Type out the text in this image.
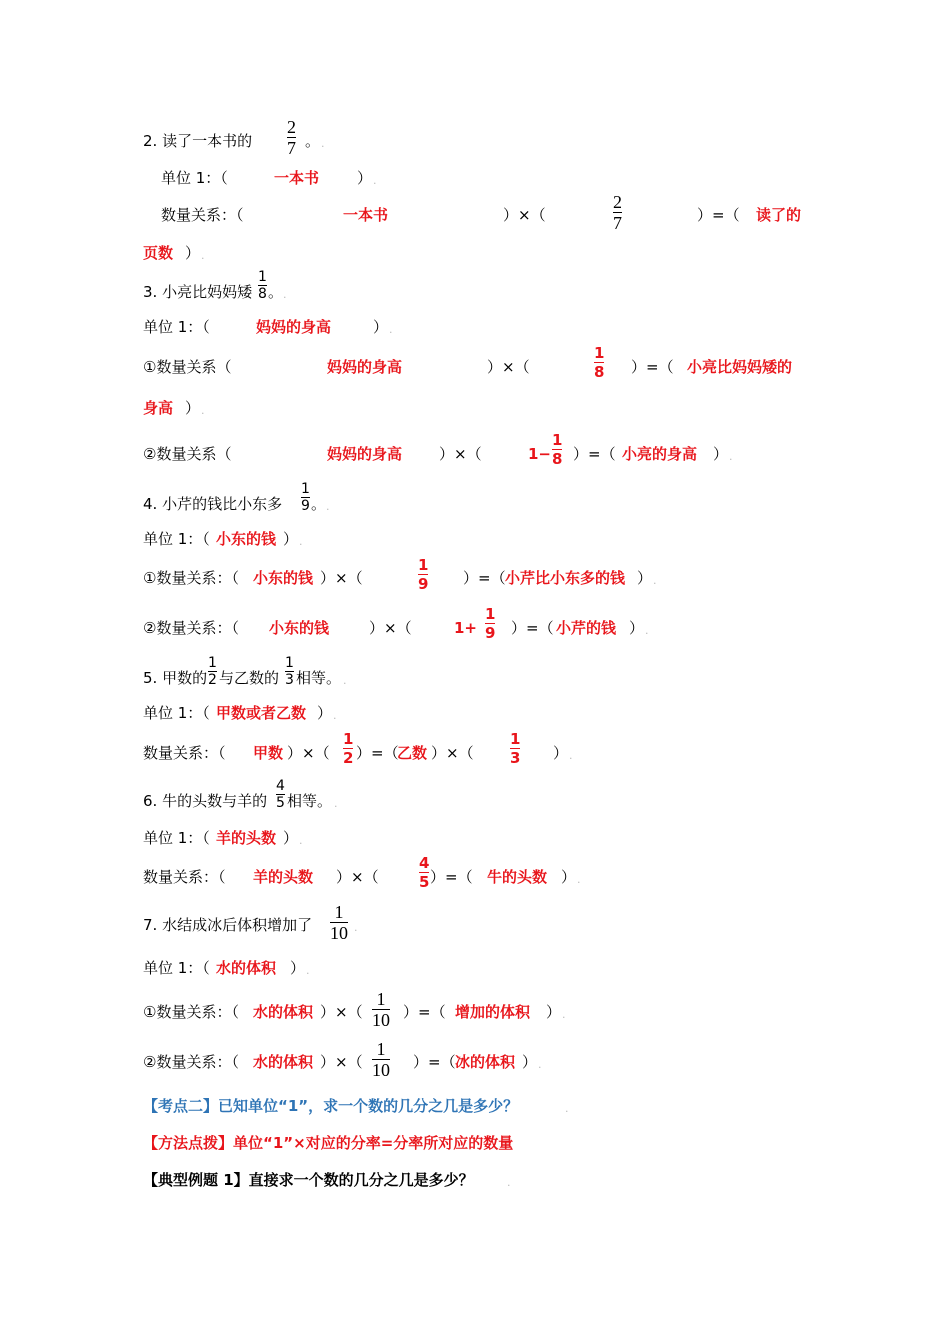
2. 读了一本书的
2
7 。 .
单位 1：（	一本书	） .
数量关系：（	一本书	）×（
2
7	）=（ 读了的
页数 ） .
3. 小亮比妈妈矮
1
8 。 .
单位 1：（	妈妈的身高	） .
①数量关系（	妈妈的身高	）×（
1
8 ）=（ 小亮比妈妈矮的
身高 ） .
②数量关系（	妈妈的身高 ）×（	1−
1
8 ）=（ 小亮的身高 ） .
4. 小芹的钱比小东多
1
9 。 .
单位 1：（ 小东的钱 ） .
①数量关系：（ 小东的钱 ）×（
1
9 ）=（ 小芹比小东多的钱 ） .
②数量关系：（ 小东的钱	）×（	1+
1
9 ）=（ 小芹的钱 ） .
5. 甲数的
1
2 与乙数的
1
3 相等。 .
单位 1：（ 甲数或者乙数 ） .
数量关系：（ 甲数 ）×（
1
2 ）=（
乙数 ）×（
1
3 ） .
6. 牛的头数与羊的
4
5 相等。 .
单位 1：（ 羊的头数 ） .
数量关系：（ 羊的头数 ）×（
4
5 ）=（ 牛的头数 ） .
7. 水结成冰后体积增加了
1
10 .
单位 1：（ 水的体积 ） .
①数量关系：（ 水的体积 ）×（
1
10 ）=（ 增加的体积 ） .
②数量关系：（ 水的体积 ）×（
1
10 ）=（ 冰的体积 ） .
【考点二】已知单位“1”，求一个数的几分之几是多少？	.
【方法点拨】单位“1”×对应的分率=分率所对应的数量
【典型例题 1】直接求一个数的几分之几是多少？	.
